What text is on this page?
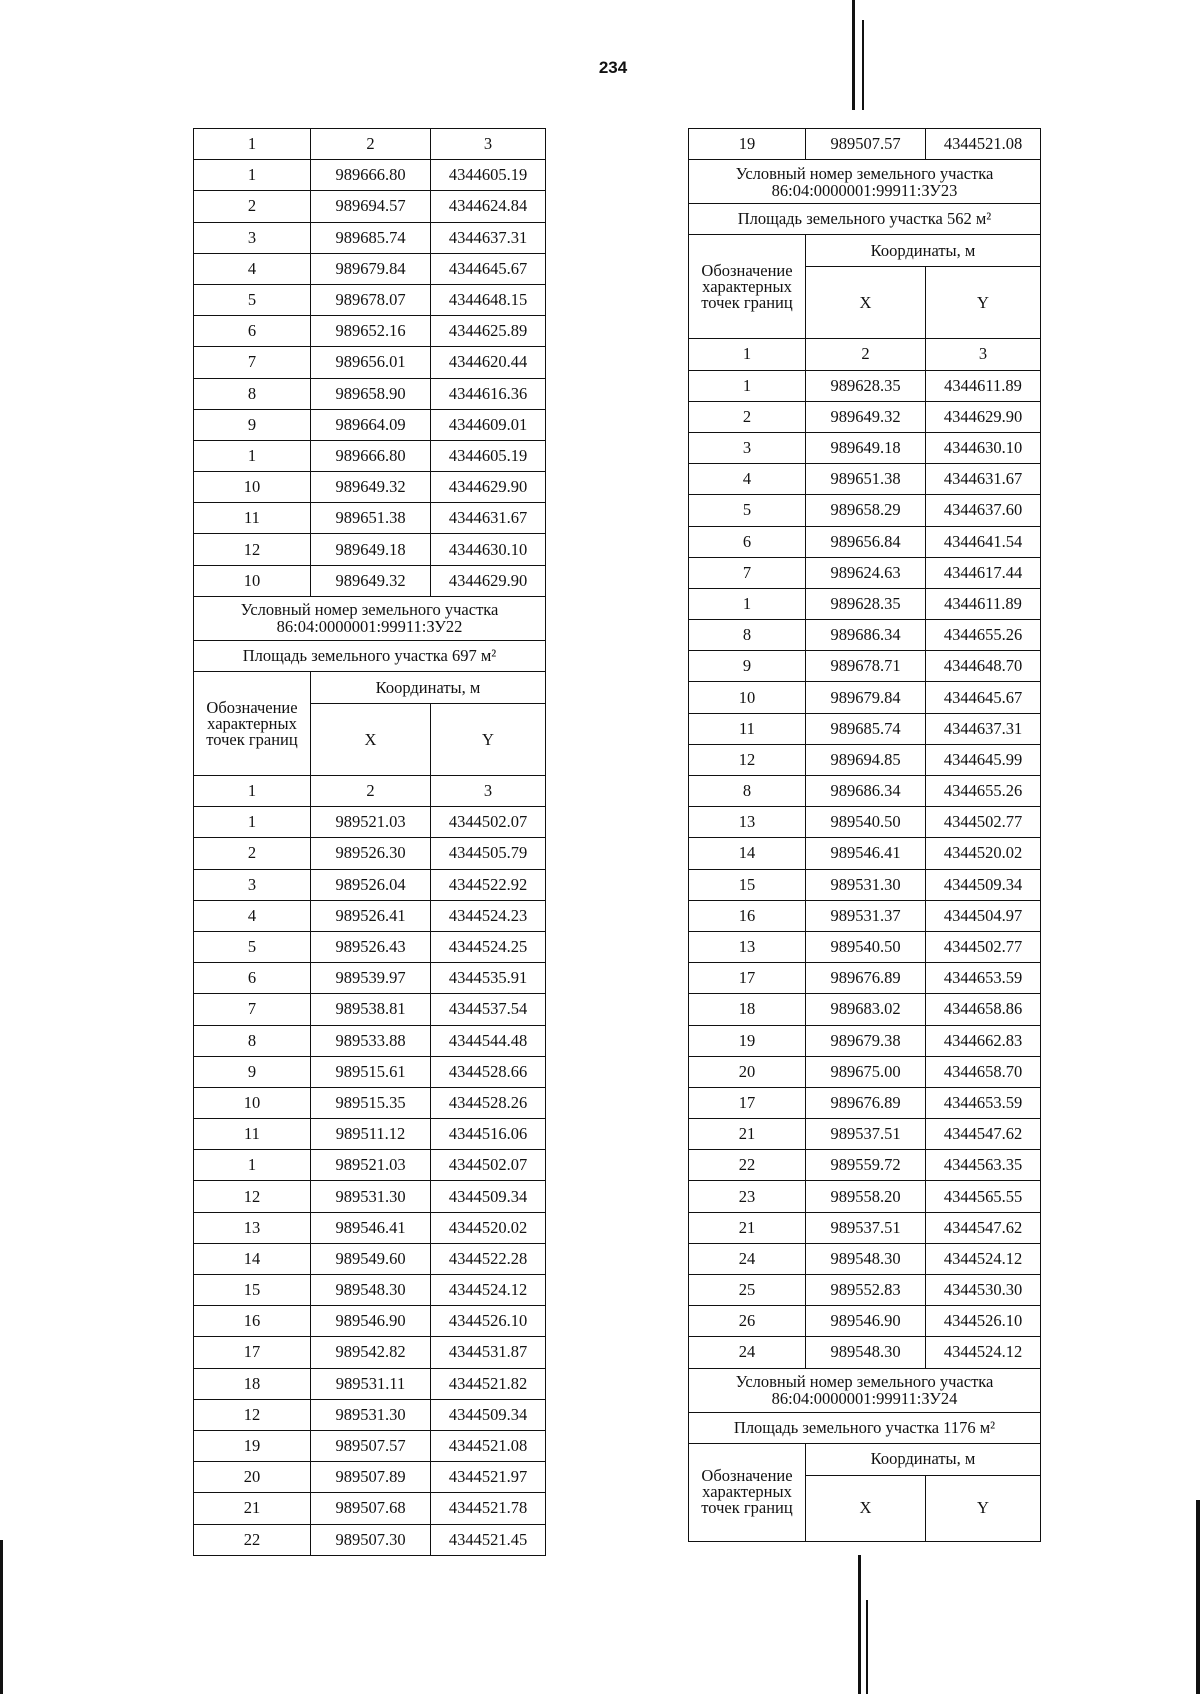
234
1	2	3
1	989666.80	4344605.19
2	989694.57	4344624.84
3	989685.74	4344637.31
4	989679.84	4344645.67
5	989678.07	4344648.15
6	989652.16	4344625.89
7	989656.01	4344620.44
8	989658.90	4344616.36
9	989664.09	4344609.01
1	989666.80	4344605.19
10	989649.32	4344629.90
11	989651.38	4344631.67
12	989649.18	4344630.10
10	989649.32	4344629.90
Условный номер земельного участка
86:04:0000001:99911:ЗУ22		
Площадь земельного участка 697 м²		
Обозначение характерных точек границ	Координаты, м	
	X	Y
1	2	3
1	989521.03	4344502.07
2	989526.30	4344505.79
3	989526.04	4344522.92
4	989526.41	4344524.23
5	989526.43	4344524.25
6	989539.97	4344535.91
7	989538.81	4344537.54
8	989533.88	4344544.48
9	989515.61	4344528.66
10	989515.35	4344528.26
11	989511.12	4344516.06
1	989521.03	4344502.07
12	989531.30	4344509.34
13	989546.41	4344520.02
14	989549.60	4344522.28
15	989548.30	4344524.12
16	989546.90	4344526.10
17	989542.82	4344531.87
18	989531.11	4344521.82
12	989531.30	4344509.34
19	989507.57	4344521.08
20	989507.89	4344521.97
21	989507.68	4344521.78
22	989507.30	4344521.45
19	989507.57	4344521.08
Условный номер земельного участка
86:04:0000001:99911:ЗУ23		
Площадь земельного участка 562 м²		
Обозначение характерных точек границ	Координаты, м	
	X	Y
1	2	3
1	989628.35	4344611.89
2	989649.32	4344629.90
3	989649.18	4344630.10
4	989651.38	4344631.67
5	989658.29	4344637.60
6	989656.84	4344641.54
7	989624.63	4344617.44
1	989628.35	4344611.89
8	989686.34	4344655.26
9	989678.71	4344648.70
10	989679.84	4344645.67
11	989685.74	4344637.31
12	989694.85	4344645.99
8	989686.34	4344655.26
13	989540.50	4344502.77
14	989546.41	4344520.02
15	989531.30	4344509.34
16	989531.37	4344504.97
13	989540.50	4344502.77
17	989676.89	4344653.59
18	989683.02	4344658.86
19	989679.38	4344662.83
20	989675.00	4344658.70
17	989676.89	4344653.59
21	989537.51	4344547.62
22	989559.72	4344563.35
23	989558.20	4344565.55
21	989537.51	4344547.62
24	989548.30	4344524.12
25	989552.83	4344530.30
26	989546.90	4344526.10
24	989548.30	4344524.12
Условный номер земельного участка
86:04:0000001:99911:ЗУ24		
Площадь земельного участка 1176 м²		
Обозначение характерных точек границ	Координаты, м	
	X	Y
